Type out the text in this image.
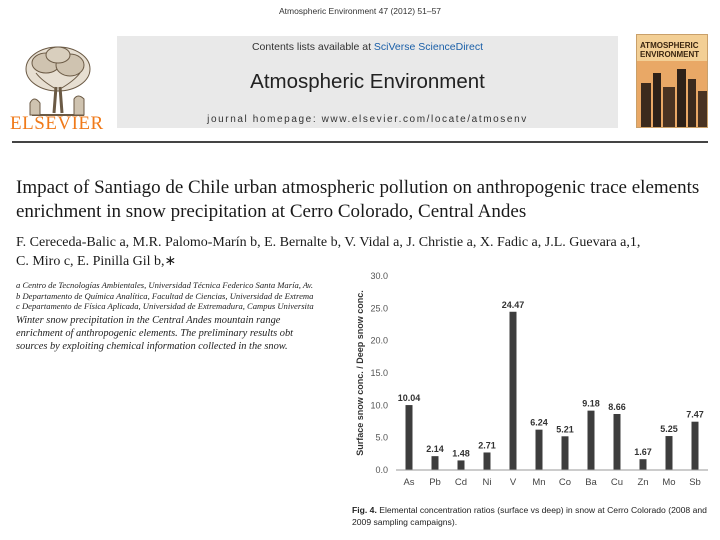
Atmospheric Environment 47 (2012) 51–57
ELSEVIER
Contents lists available at SciVerse ScienceDirect
Atmospheric Environment
journal homepage: www.elsevier.com/locate/atmosenv
ATMOSPHERIC ENVIRONMENT
Impact of Santiago de Chile urban atmospheric pollution on anthropogenic trace elements enrichment in snow precipitation at Cerro Colorado, Central Andes
F. Cereceda-Balic a, M.R. Palomo-Marín b, E. Bernalte b, V. Vidal a, J. Christie a, X. Fadic a, J.L. Guevara a,1,
C. Miro c, E. Pinilla Gil b,∗
a Centro de Tecnologías Ambientales, Universidad Técnica Federico Santa María, Av.
b Departamento de Química Analítica, Facultad de Ciencias, Universidad de Extrema
c Departamento de Física Aplicada, Universidad de Extremadura, Campus Universita
Winter snow precipitation in the Central Andes mountain range
enrichment of anthropogenic elements. The preliminary results obt
sources by exploiting chemical information collected in the snow.	Surface snow conc. / Deep snow conc.
0.0
5.0
10.0
15.0
20.0
25.0
30.0
10.04
2.14 1.48
2.71
24.47
6.24
5.21
9.18 8.66
1.67
5.25
7.47
As Pb Cd Ni V Mn Co Ba Cu Zn Mo Sb
Fig. 4. Elemental concentration ratios (surface vs deep) in snow at Cerro Colorado (2008 and 2009 sampling campaigns).
